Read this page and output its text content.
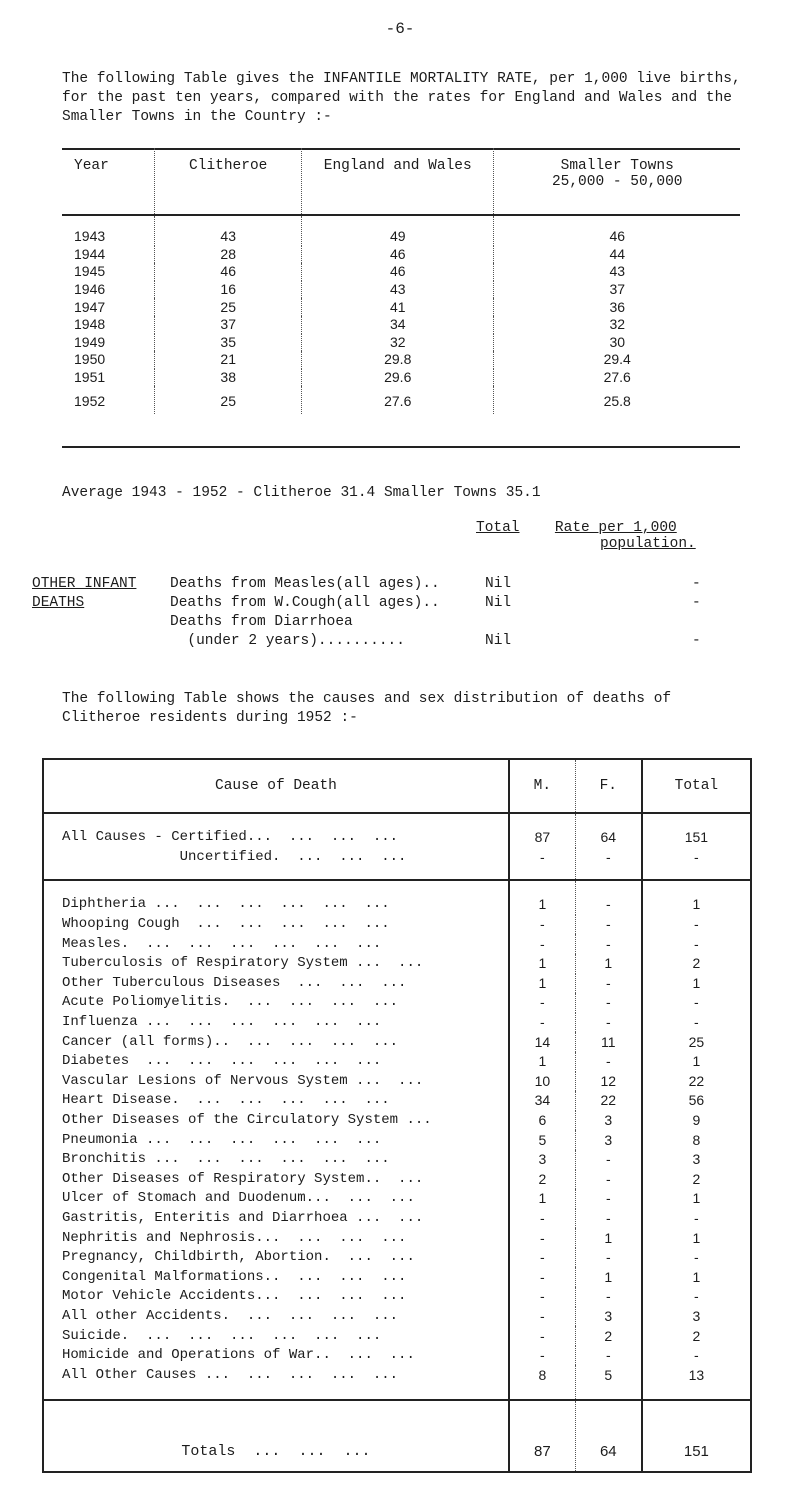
-6-
The following Table gives the INFANTILE MORTALITY RATE, per 1,000 live births, for the past ten years, compared with the rates for England and Wales and the Smaller Towns in the Country :-
Year	Clitheroe	England and Wales	Smaller Towns
25,000 - 50,000

1943	43	49	46
1944	28	46	44
1945	46	46	43
1946	16	43	37
1947	25	41	36
1948	37	34	32
1949	35	32	30
1950	21	29.8	29.4
1951	38	29.6	27.6
1952	25	27.6	25.8
Average 1943 - 1952 - Clitheroe 31.4 Smaller Towns 35.1
Total Rate per 1,000
population.
OTHER INFANT
DEATHS
Deaths from Measles(all ages)..	Nil	-
Deaths from W.Cough(all ages)..	Nil	-
Deaths from Diarrhoea
(under 2 years)..........	Nil	-
The following Table shows the causes and sex distribution of deaths of Clitheroe residents during 1952 :-
Cause of Death	M.	F.	Total
All Causes - Certified...  ...  ...  ...	87	64	151
Uncertified.  ...  ...  ...	-	-	-
Diphtheria ...  ...  ...  ...  ...  ...	1	-	1
Whooping Cough  ...  ...  ...  ...  ...	-	-	-
Measles.  ...  ...  ...  ...  ...  ...	-	-	-
Tuberculosis of Respiratory System ...  ...	1	1	2
Other Tuberculous Diseases  ...  ...  ...	1	-	1
Acute Poliomyelitis.  ...  ...  ...  ...	-	-	-
Influenza ...  ...  ...  ...  ...  ...	-	-	-
Cancer (all forms)..  ...  ...  ...  ...	14	11	25
Diabetes  ...  ...  ...  ...  ...  ...	1	-	1
Vascular Lesions of Nervous System ...  ...	10	12	22
Heart Disease.  ...  ...  ...  ...  ...	34	22	56
Other Diseases of the Circulatory System ...	6	3	9
Pneumonia ...  ...  ...  ...  ...  ...	5	3	8
Bronchitis ...  ...  ...  ...  ...  ...	3	-	3
Other Diseases of Respiratory System..  ...	2	-	2
Ulcer of Stomach and Duodenum...  ...  ...	1	-	1
Gastritis, Enteritis and Diarrhoea ...  ...	-	-	-
Nephritis and Nephrosis...  ...  ...  ...	-	1	1
Pregnancy, Childbirth, Abortion.  ...  ...	-	-	-
Congenital Malformations..  ...  ...  ...	-	1	1
Motor Vehicle Accidents...  ...  ...  ...	-	-	-
All other Accidents.  ...  ...  ...  ...	-	3	3
Suicide.  ...  ...  ...  ...  ...  ...	-	2	2
Homicide and Operations of War..  ...  ...	-	-	-
All Other Causes ...  ...  ...  ...  ...	8	5	13
Totals  ...  ...  ...	87	64	151
